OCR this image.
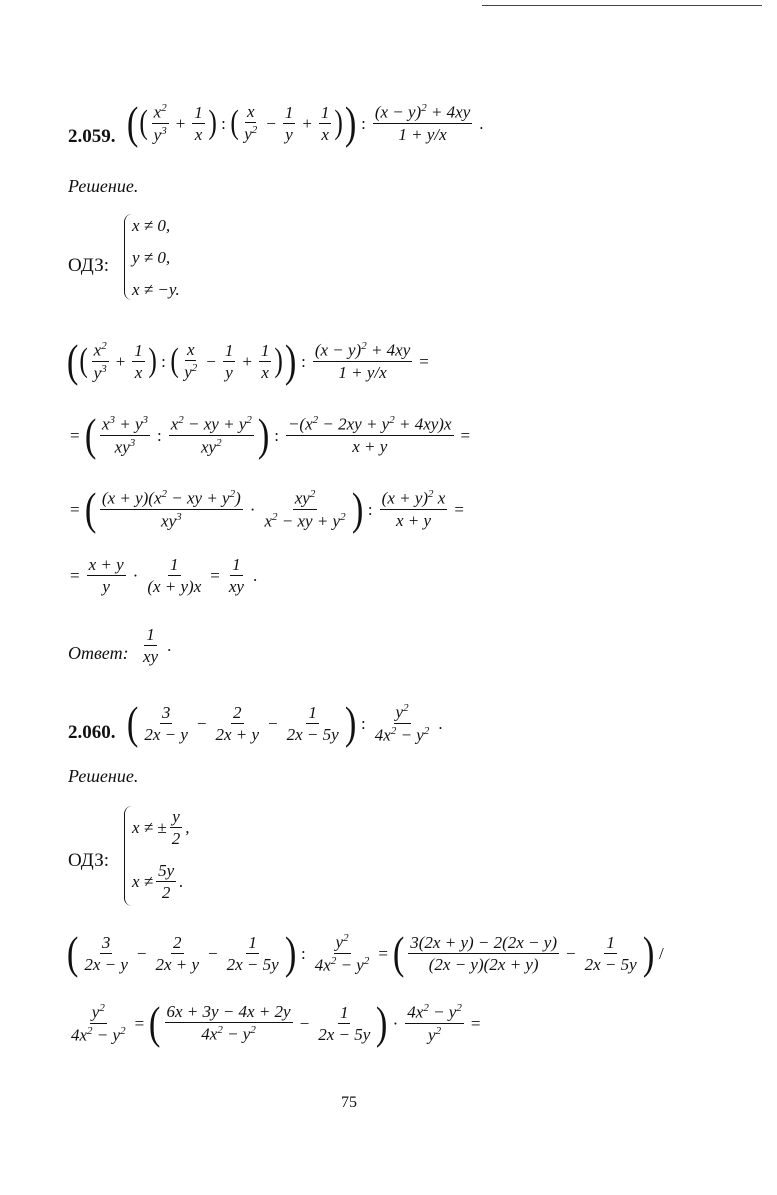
2.059. ( ( $x^2$
$y^3 + \frac{1}{x}$ ) : ( x
$y^2 - \frac{1}{y} + \frac{1}{x}$ ) ) :
$(x - y)^2 + 4xy$
1 + y/x
.
Решение.
ОДЗ:
x ≠ 0,
y ≠ 0,
x ≠ −y.
( ( $x^2$
$y^3 + \frac{1}{x}$ ) : ( x
$y^2 - \frac{1}{y} + \frac{1}{x}$ ) ) : $\frac{(x - y)^2 + 4xy}{1 + y/x}$ =
= ( $x^3 + y^3$
$xy^3$ :
$x^2$ − xy + $y^2$
$xy^2$ ) : $\frac{-(x^2 - 2xy + y^2 + 4xy)x}{x + y}$ =
= ( $(x + y)(x^2$ − xy + $y^2$)
$xy^3$	·
$xy^2$
$x^2$ − xy + $y^2$ ) : $\frac{(x + y)^2 x}{x + y}$ =
= $\frac{x + y}{y} \cdot \frac{1}{(x + y)x} = \frac{1}{xy}$ .
Ответ: $\frac{1}{xy}$ .
2.060. ( 3
2x − y
− $\frac{2}{2x + y} - \frac{1}{2x - 5y}$ ) :
$y^2$
$4x^2 - y^2$ .
Решение.
ОДЗ:
x ≠ ± $\frac{y}{2}$ ,
x ≠
5y
2
.
( 3
2x − y
− $\frac{2}{2x + y} - \frac{1}{2x - 5y}$ ) : $\frac{y^2}{4x^2 - y^2}$ = ( 3(2x + y) − 2(2x − y)
(2x − y)(2x + y)
− $\frac{1}{2x - 5y}$ ) /
$\frac{y^2}{4x^2 - y^2}$ = ( 6x + 3y − 4x + 2y
$4x^2 - y^2$	− $\frac{1}{2x - 5y}$ ) · $\frac{4x^2 - y^2}{y^2}$ =
75
